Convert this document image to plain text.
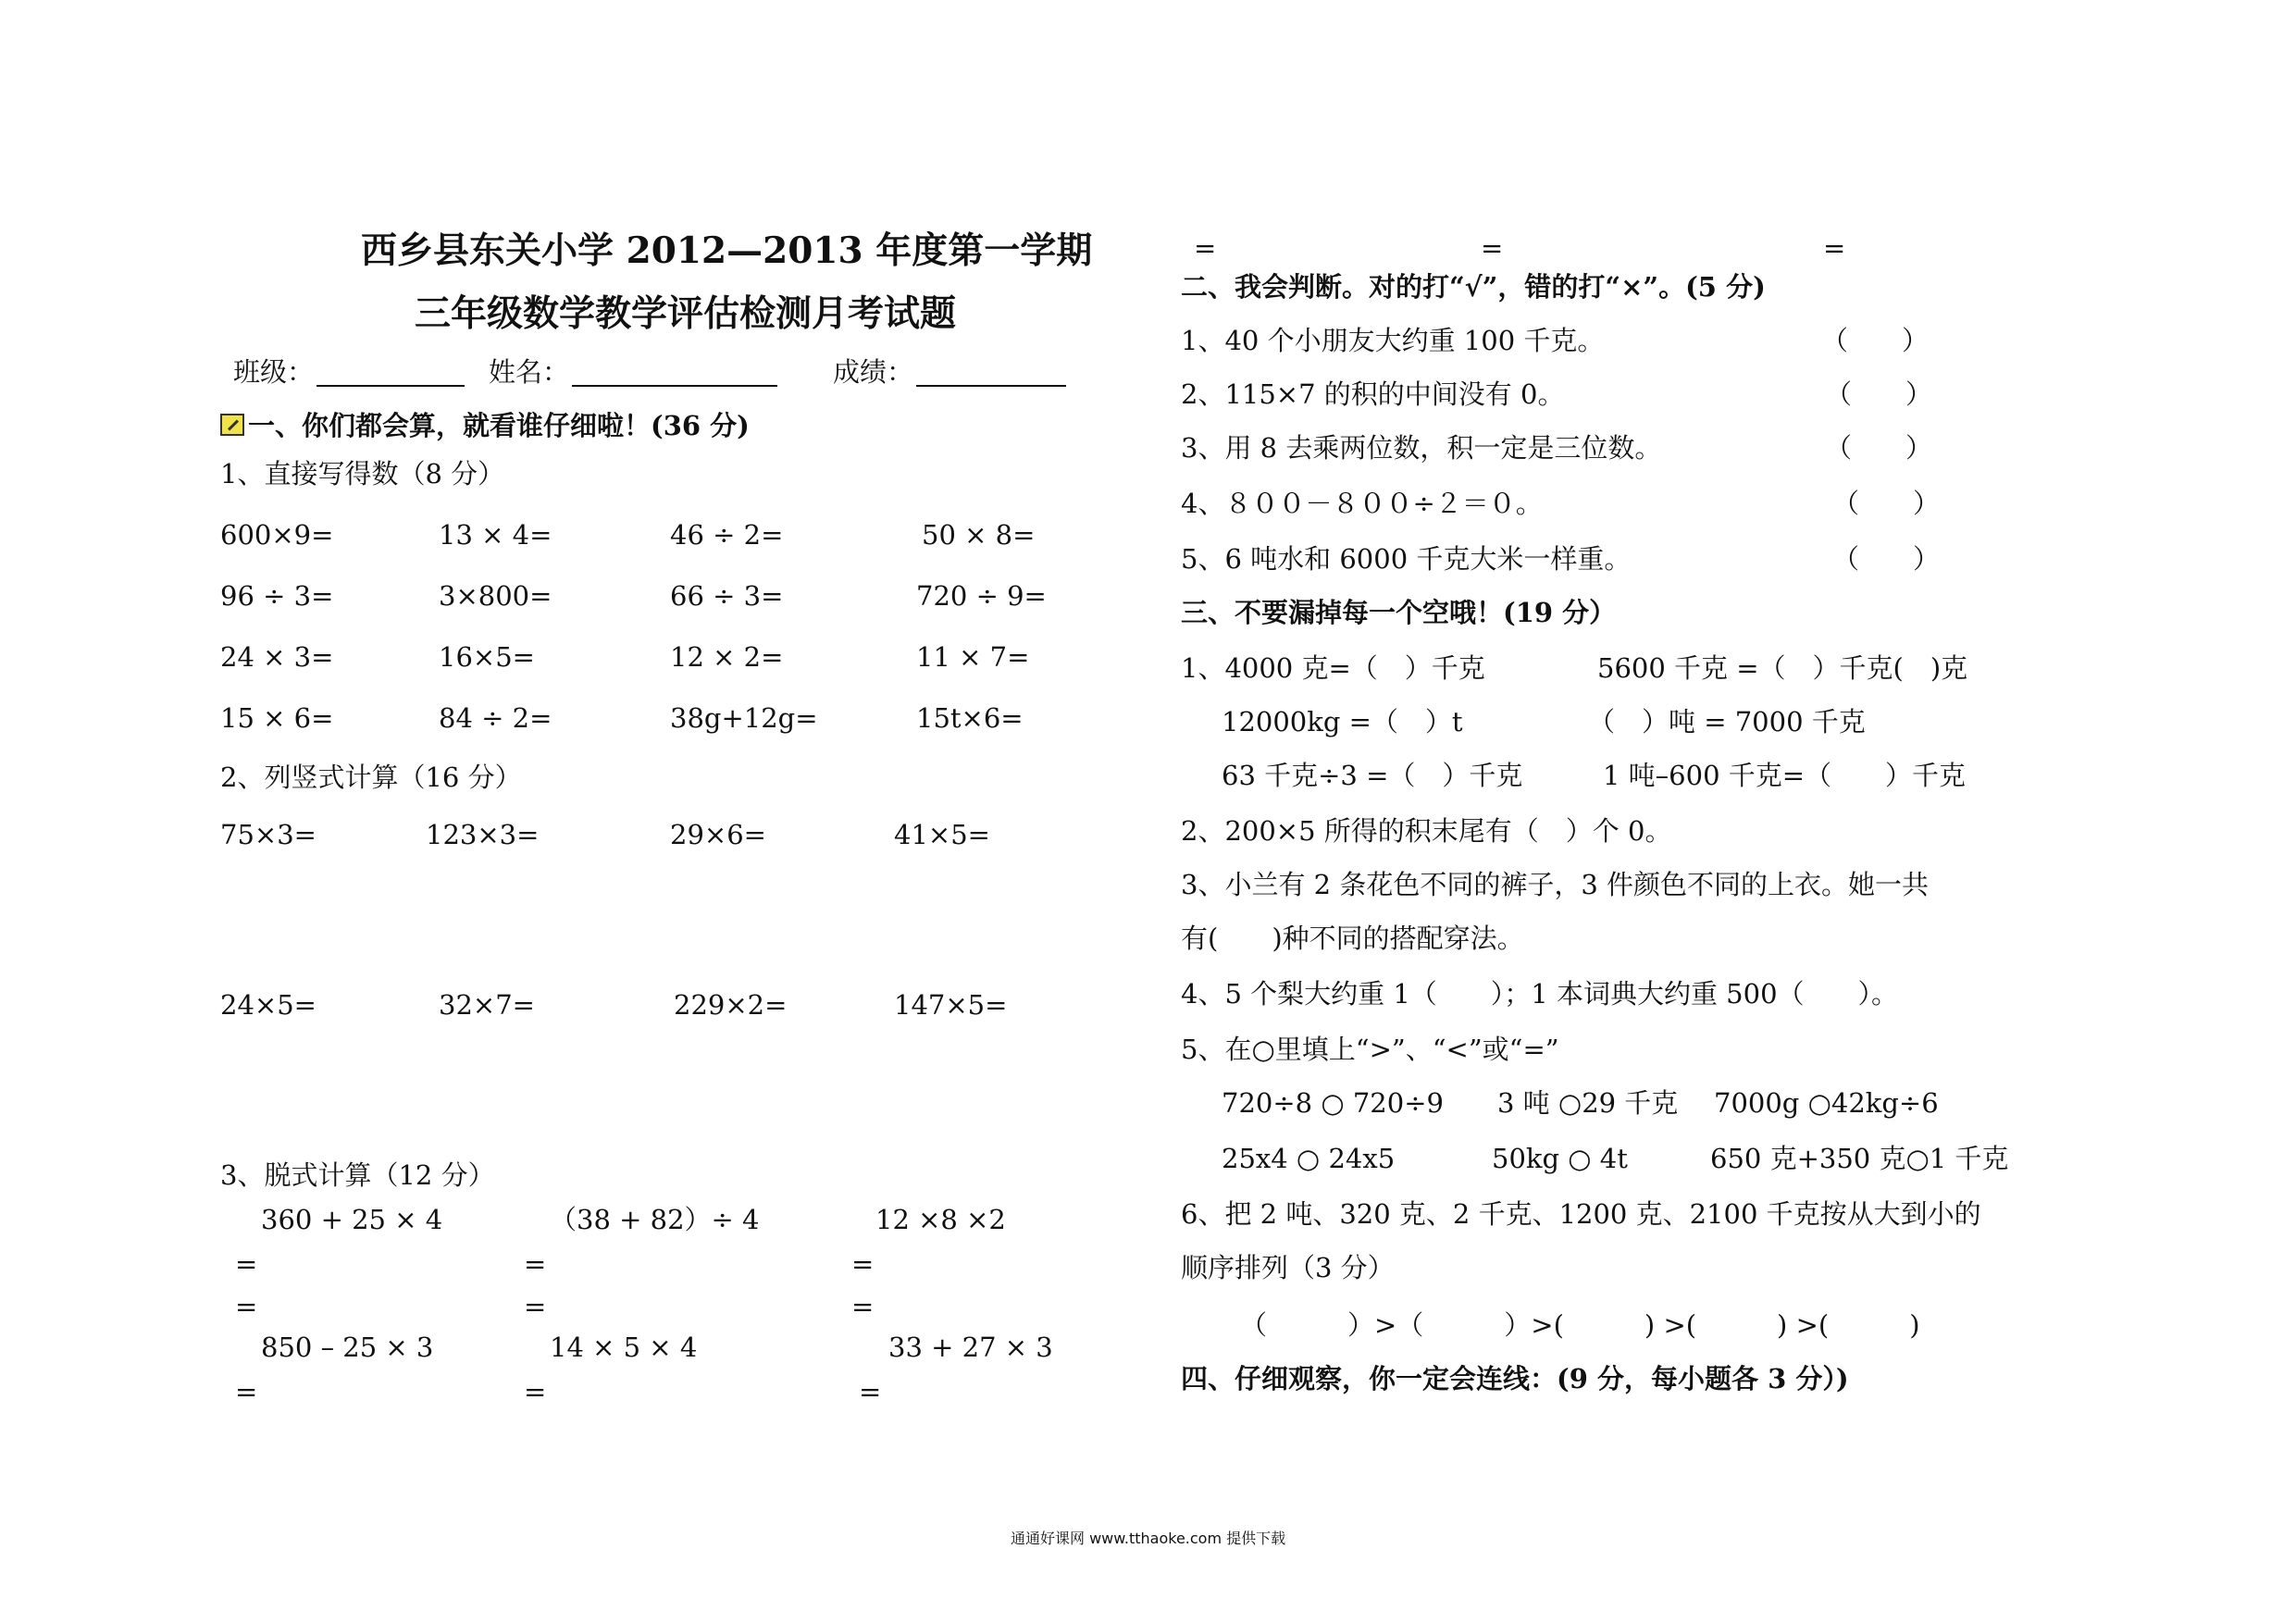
西乡县东关小学 2012—2013 年度第一学期
三年级数学教学评估检测月考试题
班级：	姓名：	成绩：
一、你们都会算，就看谁仔细啦！(36 分)
1、直接写得数（8 分）
600×9=	13 × 4=	46 ÷ 2=	50 × 8=
96 ÷ 3=	3×800=	66 ÷ 3=	720 ÷ 9=
24 × 3=	16×5=	12 × 2=	11 × 7=
15 × 6=	84 ÷ 2=	38g+12g=	15t×6=
2、列竖式计算（16 分）
75×3=	123×3=	29×6=	41×5=
24×5=	32×7=	229×2=	147×5=
3、脱式计算（12 分）
360 + 25 × 4	（38 + 82）÷ 4	12 ×8 ×2
=	=	=
=	=	=
850 – 25 × 3	14 × 5 × 4	33 + 27 × 3
=	=	=
=	=	=
二、我会判断。对的打“√”，错的打“×”。(5 分)
1、40 个小朋友大约重 100 千克。	（　　）
2、115×7 的积的中间没有 0。	（　　）
3、用 8 去乘两位数，积一定是三位数。	（　　）
4、８００－８００÷２＝０。	（　　）
5、6 吨水和 6000 千克大米一样重。	（　　）
三、不要漏掉每一个空哦！(19 分）
1、4000 克=（　）千克	5600 千克 =（　）千克(　)克
12000kg =（　）t	（　）吨 = 7000 千克
63 千克÷3 =（　）千克	1 吨–600 千克=（　　）千克
2、200×5 所得的积末尾有（　）个 0。
3、小兰有 2 条花色不同的裤子，3 件颜色不同的上衣。她一共
有(　　)种不同的搭配穿法。
4、5 个梨大约重 1（　　）；1 本词典大约重 500（　　）。
5、在○里填上“>”、“<”或“=”
720÷8 ○ 720÷9 3 吨 ○29 千克 7000g ○42kg÷6
25x4 ○ 24x5	50kg ○ 4t	650 克+350 克○1 千克
6、把 2 吨、320 克、2 千克、1200 克、2100 千克按从大到小的
顺序排列（3 分）
（　　　）>（　　　）>(　　　) >(　　　) >(　　　)
四、仔细观察，你一定会连线：(9 分，每小题各 3 分）)
通通好课网 www.tthaoke.com 提供下载
